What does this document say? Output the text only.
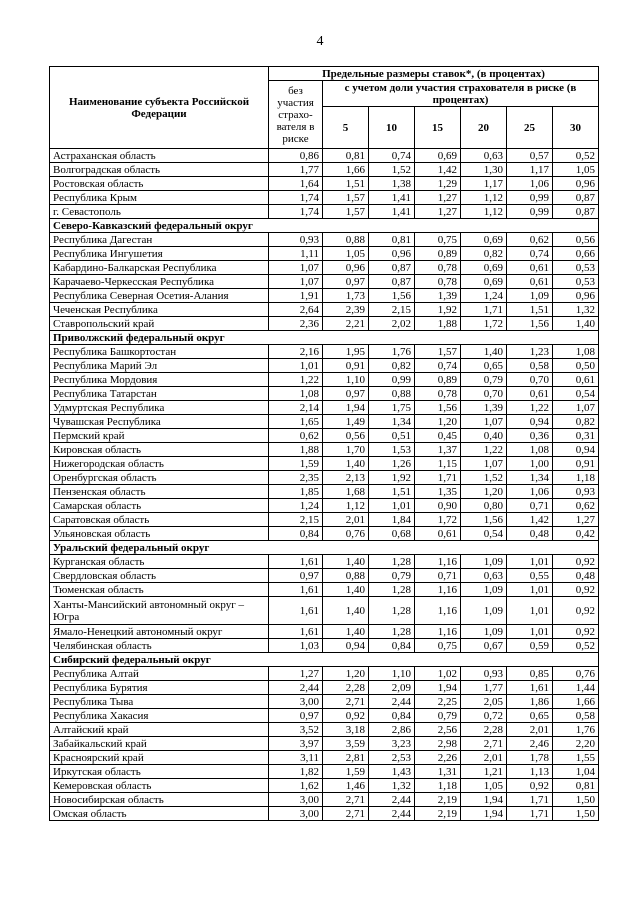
4
Наименование субъекта Российской Федерации	Предельные размеры ставок*, (в процентах)						
	без участия страхо- вателя в риске	с учетом доли участия страхователя в риске (в процентах)					
		5	10	15	20	25	30
Астраханская область	0,86	0,81	0,74	0,69	0,63	0,57	0,52
Волгоградская область	1,77	1,66	1,52	1,42	1,30	1,17	1,05
Ростовская область	1,64	1,51	1,38	1,29	1,17	1,06	0,96
Республика Крым	1,74	1,57	1,41	1,27	1,12	0,99	0,87
г. Севастополь	1,74	1,57	1,41	1,27	1,12	0,99	0,87
Северо-Кавказский федеральный округ							
Республика Дагестан	0,93	0,88	0,81	0,75	0,69	0,62	0,56
Республика Ингушетия	1,11	1,05	0,96	0,89	0,82	0,74	0,66
Кабардино-Балкарская Республика	1,07	0,96	0,87	0,78	0,69	0,61	0,53
Карачаево-Черкесская Республика	1,07	0,97	0,87	0,78	0,69	0,61	0,53
Республика Северная Осетия-Алания	1,91	1,73	1,56	1,39	1,24	1,09	0,96
Чеченская Республика	2,64	2,39	2,15	1,92	1,71	1,51	1,32
Ставропольский край	2,36	2,21	2,02	1,88	1,72	1,56	1,40
Приволжский федеральный округ							
Республика Башкортостан	2,16	1,95	1,76	1,57	1,40	1,23	1,08
Республика Марий Эл	1,01	0,91	0,82	0,74	0,65	0,58	0,50
Республика Мордовия	1,22	1,10	0,99	0,89	0,79	0,70	0,61
Республика Татарстан	1,08	0,97	0,88	0,78	0,70	0,61	0,54
Удмуртская Республика	2,14	1,94	1,75	1,56	1,39	1,22	1,07
Чувашская Республика	1,65	1,49	1,34	1,20	1,07	0,94	0,82
Пермский край	0,62	0,56	0,51	0,45	0,40	0,36	0,31
Кировская область	1,88	1,70	1,53	1,37	1,22	1,08	0,94
Нижегородская область	1,59	1,40	1,26	1,15	1,07	1,00	0,91
Оренбургская область	2,35	2,13	1,92	1,71	1,52	1,34	1,18
Пензенская область	1,85	1,68	1,51	1,35	1,20	1,06	0,93
Самарская область	1,24	1,12	1,01	0,90	0,80	0,71	0,62
Саратовская область	2,15	2,01	1,84	1,72	1,56	1,42	1,27
Ульяновская область	0,84	0,76	0,68	0,61	0,54	0,48	0,42
Уральский федеральный округ							
Курганская область	1,61	1,40	1,28	1,16	1,09	1,01	0,92
Свердловская область	0,97	0,88	0,79	0,71	0,63	0,55	0,48
Тюменская область	1,61	1,40	1,28	1,16	1,09	1,01	0,92
Ханты-Мансийский автономный округ – Югра	1,61	1,40	1,28	1,16	1,09	1,01	0,92
Ямало-Ненецкий автономный округ	1,61	1,40	1,28	1,16	1,09	1,01	0,92
Челябинская область	1,03	0,94	0,84	0,75	0,67	0,59	0,52
Сибирский федеральный округ							
Республика Алтай	1,27	1,20	1,10	1,02	0,93	0,85	0,76
Республика Бурятия	2,44	2,28	2,09	1,94	1,77	1,61	1,44
Республика Тыва	3,00	2,71	2,44	2,25	2,05	1,86	1,66
Республика Хакасия	0,97	0,92	0,84	0,79	0,72	0,65	0,58
Алтайский край	3,52	3,18	2,86	2,56	2,28	2,01	1,76
Забайкальский край	3,97	3,59	3,23	2,98	2,71	2,46	2,20
Красноярский край	3,11	2,81	2,53	2,26	2,01	1,78	1,55
Иркутская область	1,82	1,59	1,43	1,31	1,21	1,13	1,04
Кемеровская область	1,62	1,46	1,32	1,18	1,05	0,92	0,81
Новосибирская область	3,00	2,71	2,44	2,19	1,94	1,71	1,50
Омская область	3,00	2,71	2,44	2,19	1,94	1,71	1,50
